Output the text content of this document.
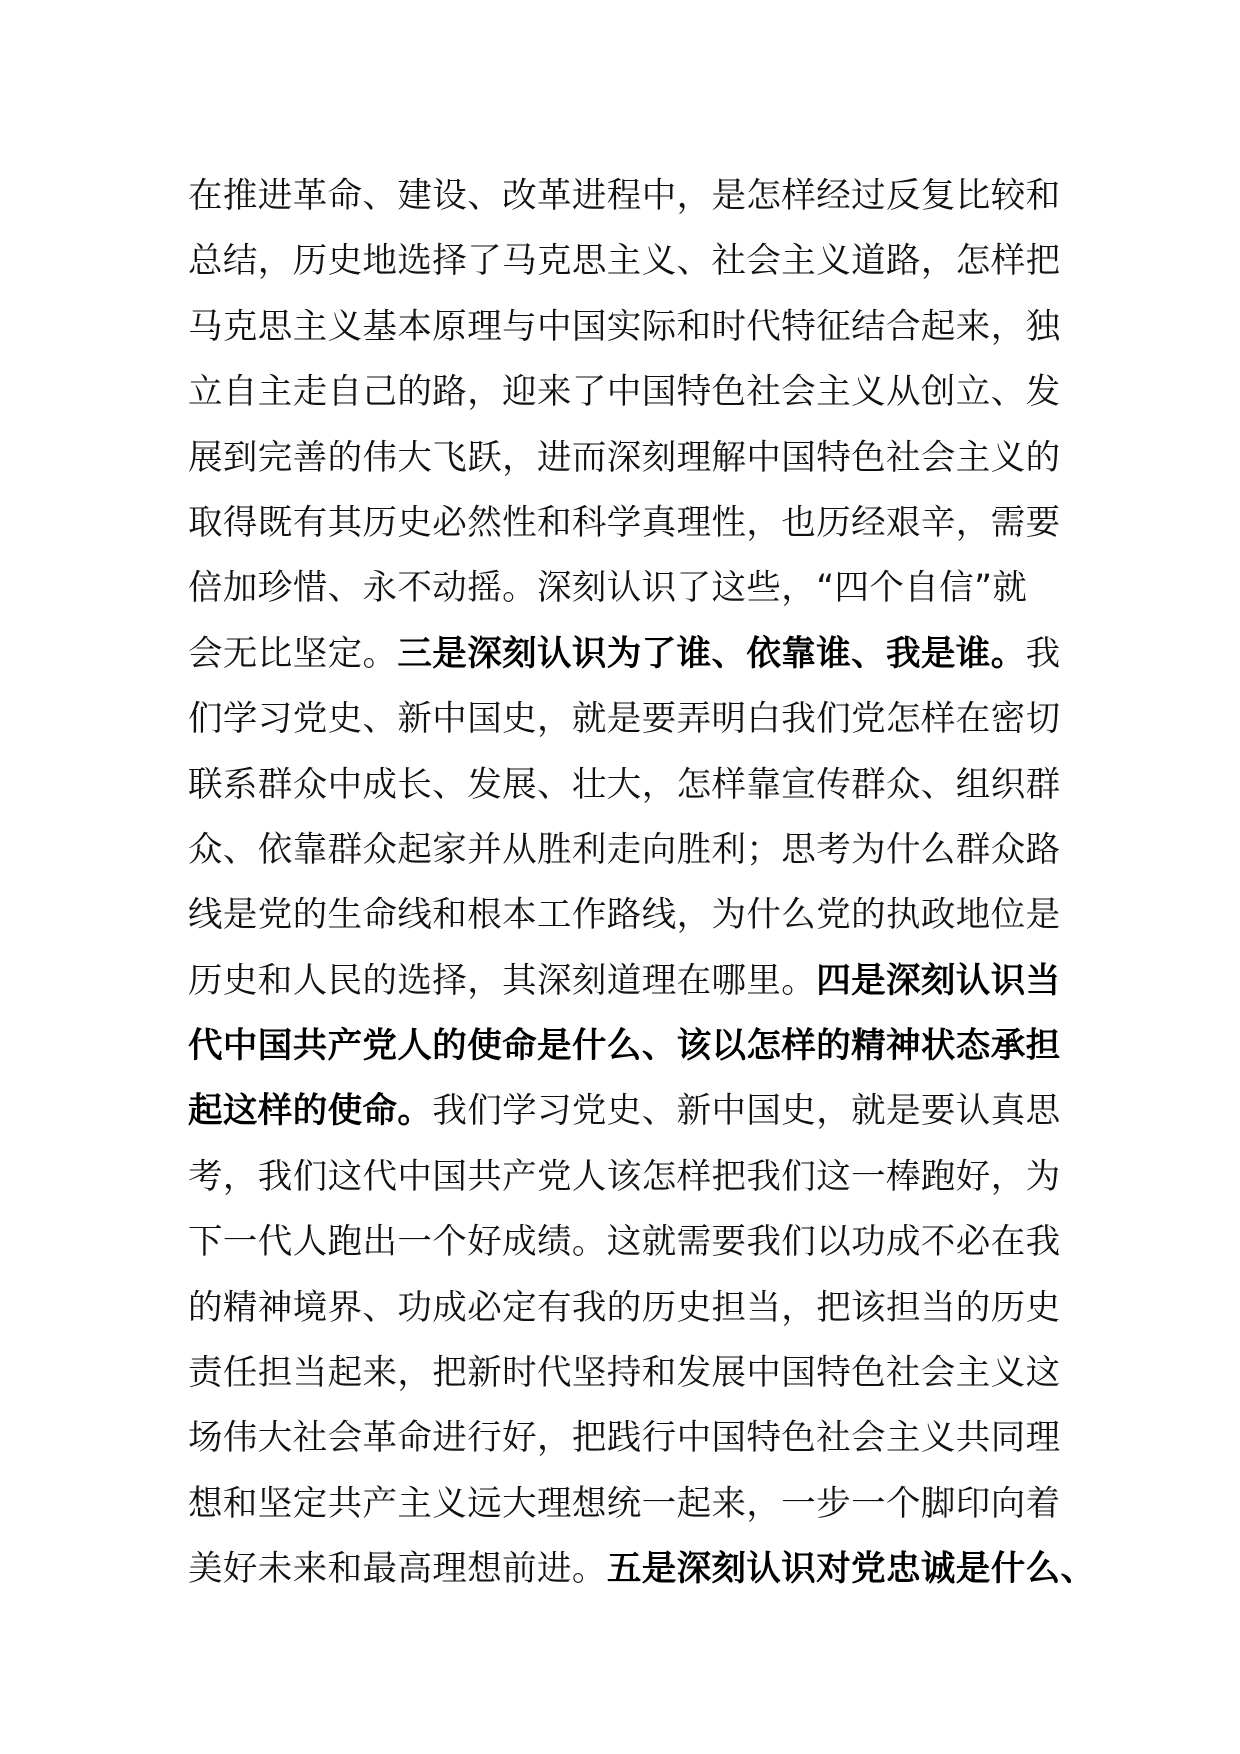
在推进革命、建设、改革进程中，是怎样经过反复比较和
总结，历史地选择了马克思主义、社会主义道路，怎样把
马克思主义基本原理与中国实际和时代特征结合起来，独
立自主走自己的路，迎来了中国特色社会主义从创立、发
展到完善的伟大飞跃，进而深刻理解中国特色社会主义的
取得既有其历史必然性和科学真理性，也历经艰辛，需要
倍加珍惜、永不动摇。深刻认识了这些，“四个自信”就
会无比坚定。三是深刻认识为了谁、依靠谁、我是谁。我
们学习党史、新中国史，就是要弄明白我们党怎样在密切
联系群众中成长、发展、壮大，怎样靠宣传群众、组织群
众、依靠群众起家并从胜利走向胜利；思考为什么群众路
线是党的生命线和根本工作路线，为什么党的执政地位是
历史和人民的选择，其深刻道理在哪里。四是深刻认识当
代中国共产党人的使命是什么、该以怎样的精神状态承担
起这样的使命。我们学习党史、新中国史，就是要认真思
考，我们这代中国共产党人该怎样把我们这一棒跑好，为
下一代人跑出一个好成绩。这就需要我们以功成不必在我
的精神境界、功成必定有我的历史担当，把该担当的历史
责任担当起来，把新时代坚持和发展中国特色社会主义这
场伟大社会革命进行好，把践行中国特色社会主义共同理
想和坚定共产主义远大理想统一起来，一步一个脚印向着
美好未来和最高理想前进。五是深刻认识对党忠诚是什么、
